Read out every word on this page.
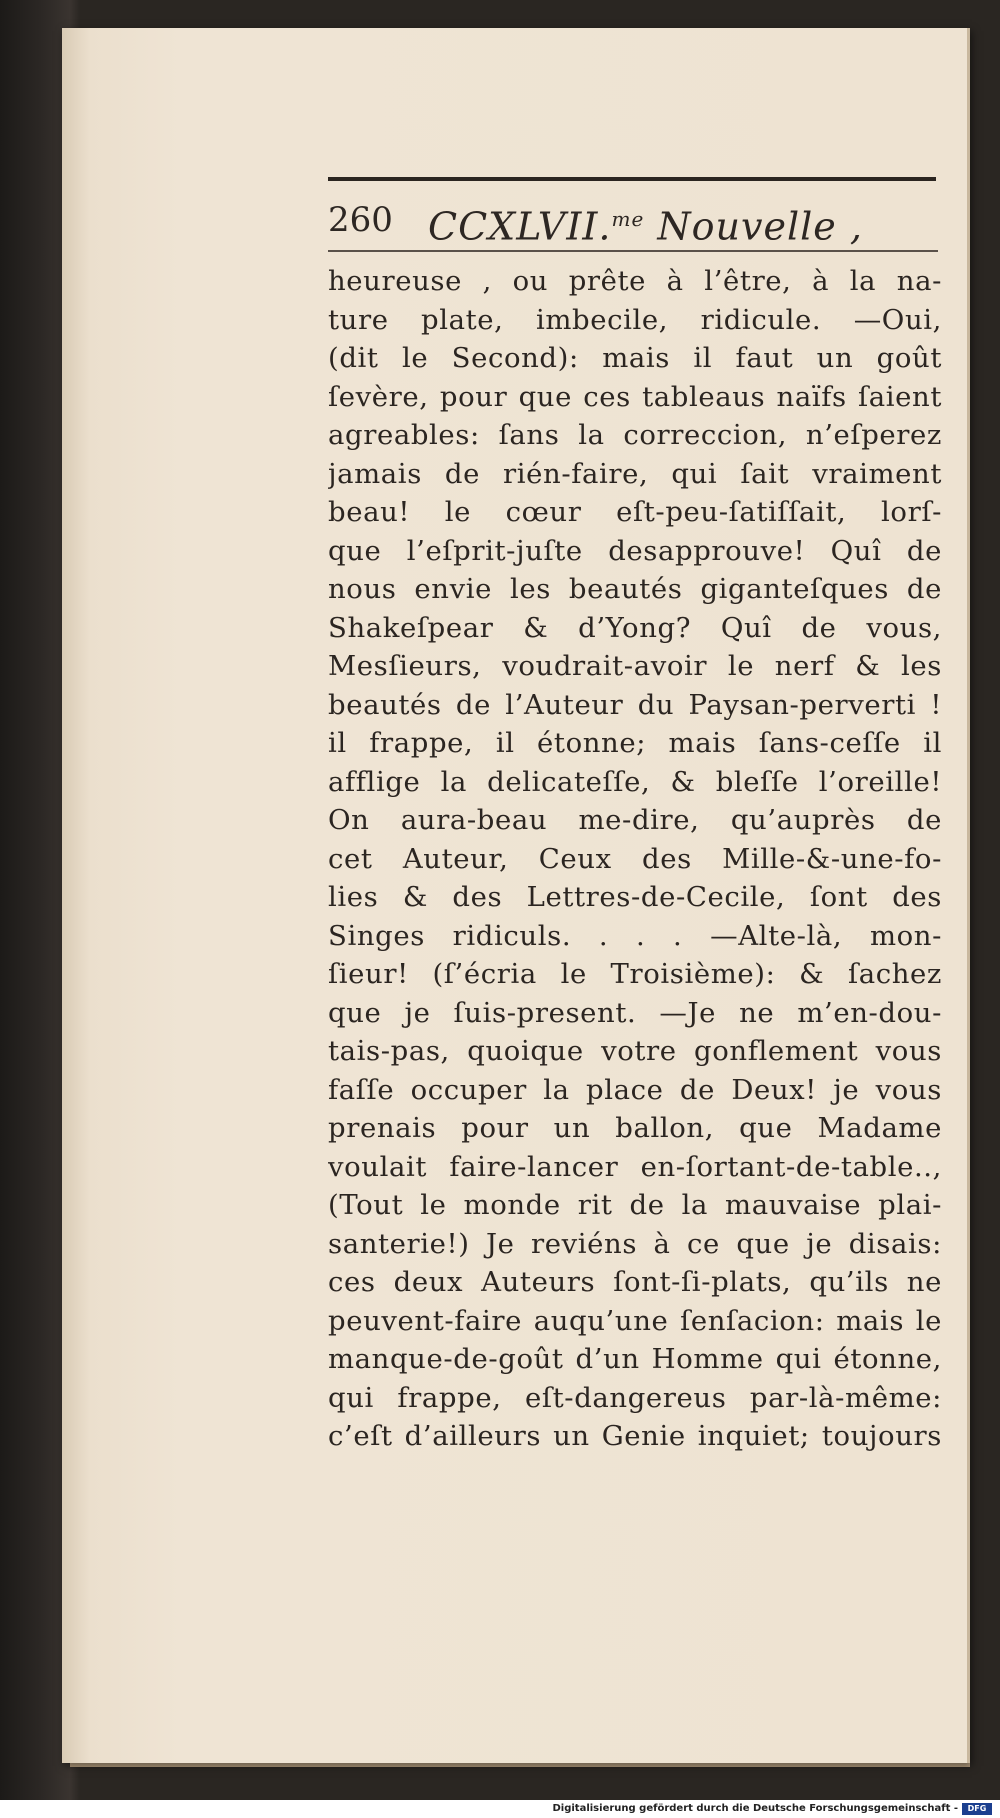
260 CCXLVII.$^{me}$ Nouvelle ,
heureuse , ou prête à l’être, à la na-
ture plate, imbecile, ridicule. —Oui,
(dit le Second): mais il faut un goût
ſevère, pour que ces tableaus naïfs ſaient
agreables: ſans la correccion, n’eſperez
jamais de rién-faire, qui ſait vraiment
beau! le cœur eſt-peu-ſatiſſait, lorſ-
que l’eſprit-juſte desapprouve! Quî de
nous envie les beautés giganteſques de
Shakeſpear & d’Yong? Quî de vous,
Mesſieurs, voudrait-avoir le nerf & les
beautés de l’Auteur du Paysan-perverti !
il frappe, il étonne; mais ſans-ceſſe il
afflige la delicateſſe, & bleſſe l’oreille!
On aura-beau me-dire, qu’auprès de
cet Auteur, Ceux des Mille-&-une-fo-
lies & des Lettres-de-Cecile, ſont des
Singes ridiculs. . . . —Alte-là, mon-
ſieur! (ſ’écria le Troisième): & ſachez
que je ſuis-present. —Je ne m’en-dou-
tais-pas, quoique votre gonflement vous
faſſe occuper la place de Deux! je vous
prenais pour un ballon, que Madame
voulait faire-lancer en-ſortant-de-table..,
(Tout le monde rit de la mauvaise plai-
santerie!) Je reviéns à ce que je disais:
ces deux Auteurs ſont-ſi-plats, qu’ils ne
peuvent-faire auqu’une ſenſacion: mais le
manque-de-goût d’un Homme qui étonne,
qui frappe, eſt-dangereus par-là-même:
c’eſt d’ailleurs un Genie inquiet; toujours
Digitalisierung gefördert durch die Deutsche Forschungsgemeinschaft -	DFG
